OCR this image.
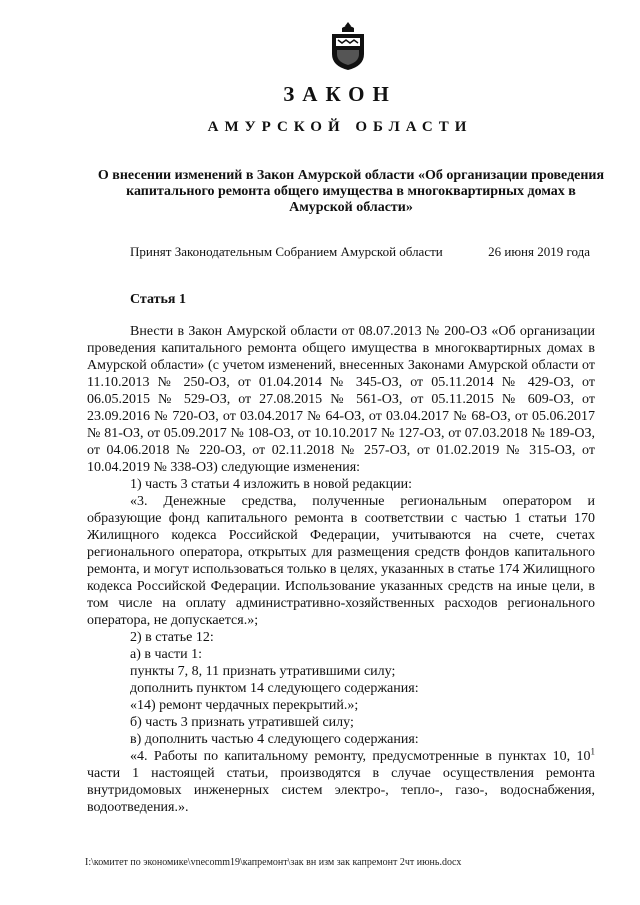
ЗАКОН
АМУРСКОЙ ОБЛАСТИ
О внесении изменений в Закон Амурской области «Об организации проведения капитального ремонта общего имущества в многоквартирных домах в Амурской области»
Принят Законодательным Собранием Амурской области	26 июня 2019 года
Статья 1

Внести в Закон Амурской области от 08.07.2013 № 200-ОЗ «Об организации проведения капитального ремонта общего имущества в многоквартирных домах в Амурской области» (с учетом изменений, внесенных Законами Амурской области от 11.10.2013 № 250-ОЗ, от 01.04.2014 № 345-ОЗ, от 05.11.2014 № 429-ОЗ, от 06.05.2015 № 529-ОЗ, от 27.08.2015 № 561-ОЗ, от 05.11.2015 № 609-ОЗ, от 23.09.2016 № 720-ОЗ, от 03.04.2017 № 64-ОЗ, от 03.04.2017 № 68-ОЗ, от 05.06.2017 № 81-ОЗ, от 05.09.2017 № 108-ОЗ, от 10.10.2017 № 127-ОЗ, от 07.03.2018 № 189-ОЗ, от 04.06.2018 № 220-ОЗ, от 02.11.2018 № 257-ОЗ, от 01.02.2019 № 315-ОЗ, от 10.04.2019 № 338-ОЗ) следующие изменения:

1) часть 3 статьи 4 изложить в новой редакции:

«3. Денежные средства, полученные региональным оператором и образующие фонд капитального ремонта в соответствии с частью 1 статьи 170 Жилищного кодекса Российской Федерации, учитываются на счете, счетах регионального оператора, открытых для размещения средств фондов капитального ремонта, и могут использоваться только в целях, указанных в статье 174 Жилищного кодекса Российской Федерации. Использование указанных средств на иные цели, в том числе на оплату административно-хозяйственных расходов регионального оператора, не допускается.»;

2) в статье 12:

а) в части 1:

пункты 7, 8, 11 признать утратившими силу;

дополнить пунктом 14 следующего содержания:

«14) ремонт чердачных перекрытий.»;

б) часть 3 признать утратившей силу;

в) дополнить частью 4 следующего содержания:

«4. Работы по капитальному ремонту, предусмотренные в пунктах 10, $10^1$ части 1 настоящей статьи, производятся в случае осуществления ремонта внутридомовых инженерных систем электро-, тепло-, газо-, водоснабжения, водоотведения.».

I:\комитет по экономике\vnecomm19\капремонт\зак вн изм зак капремонт 2чт июнь.docx
